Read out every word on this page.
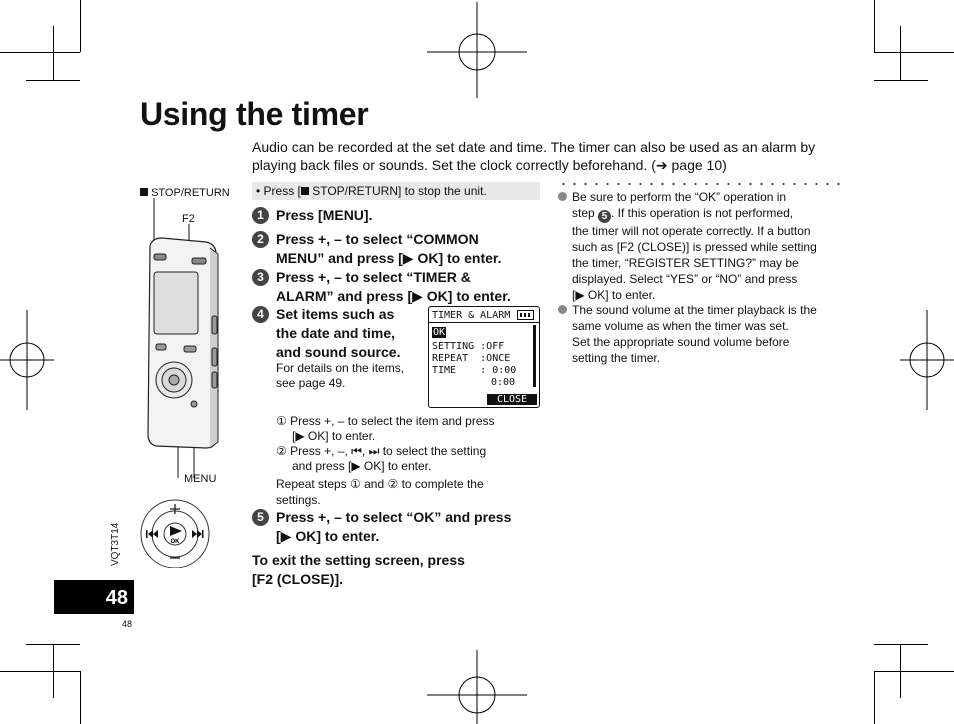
Using the timer
Audio can be recorded at the set date and time. The timer can also be used as an alarm by playing back files or sounds. Set the clock correctly beforehand. (➔ page 10)
STOP/RETURN
F2
MENU
OK
VQT3T14
• Press [ STOP/RETURN] to stop the unit.
1 Press [MENU].
2 Press +, – to select “COMMON
MENU” and press [▶ OK] to enter.
3 Press +, – to select “TIMER &
ALARM” and press [▶ OK] to enter.
4 Set items such as
the date and time,
and sound source.
For details on the items,
see page 49.
TIMER & ALARM
OK
SETTING :OFF
REPEAT  :ONCE
TIME    : 0:00
0:00
CLOSE
① Press +, – to select the item and press
[▶ OK] to enter.
② Press +, –, ⏮, ⏭ to select the setting
and press [▶ OK] to enter.
Repeat steps ① and ② to complete the
settings.
5 Press +, – to select “OK” and press
[▶ OK] to enter.
To exit the setting screen, press
[F2 (CLOSE)].
Be sure to perform the “OK” operation in
step 5 . If this operation is not performed,
the timer will not operate correctly. If a button
such as [F2 (CLOSE)] is pressed while setting
the timer, “REGISTER SETTING?” may be
displayed. Select “YES” or “NO” and press
[▶ OK] to enter.
The sound volume at the timer playback is the
same volume as when the timer was set.
Set the appropriate sound volume before
setting the timer.
48
48
